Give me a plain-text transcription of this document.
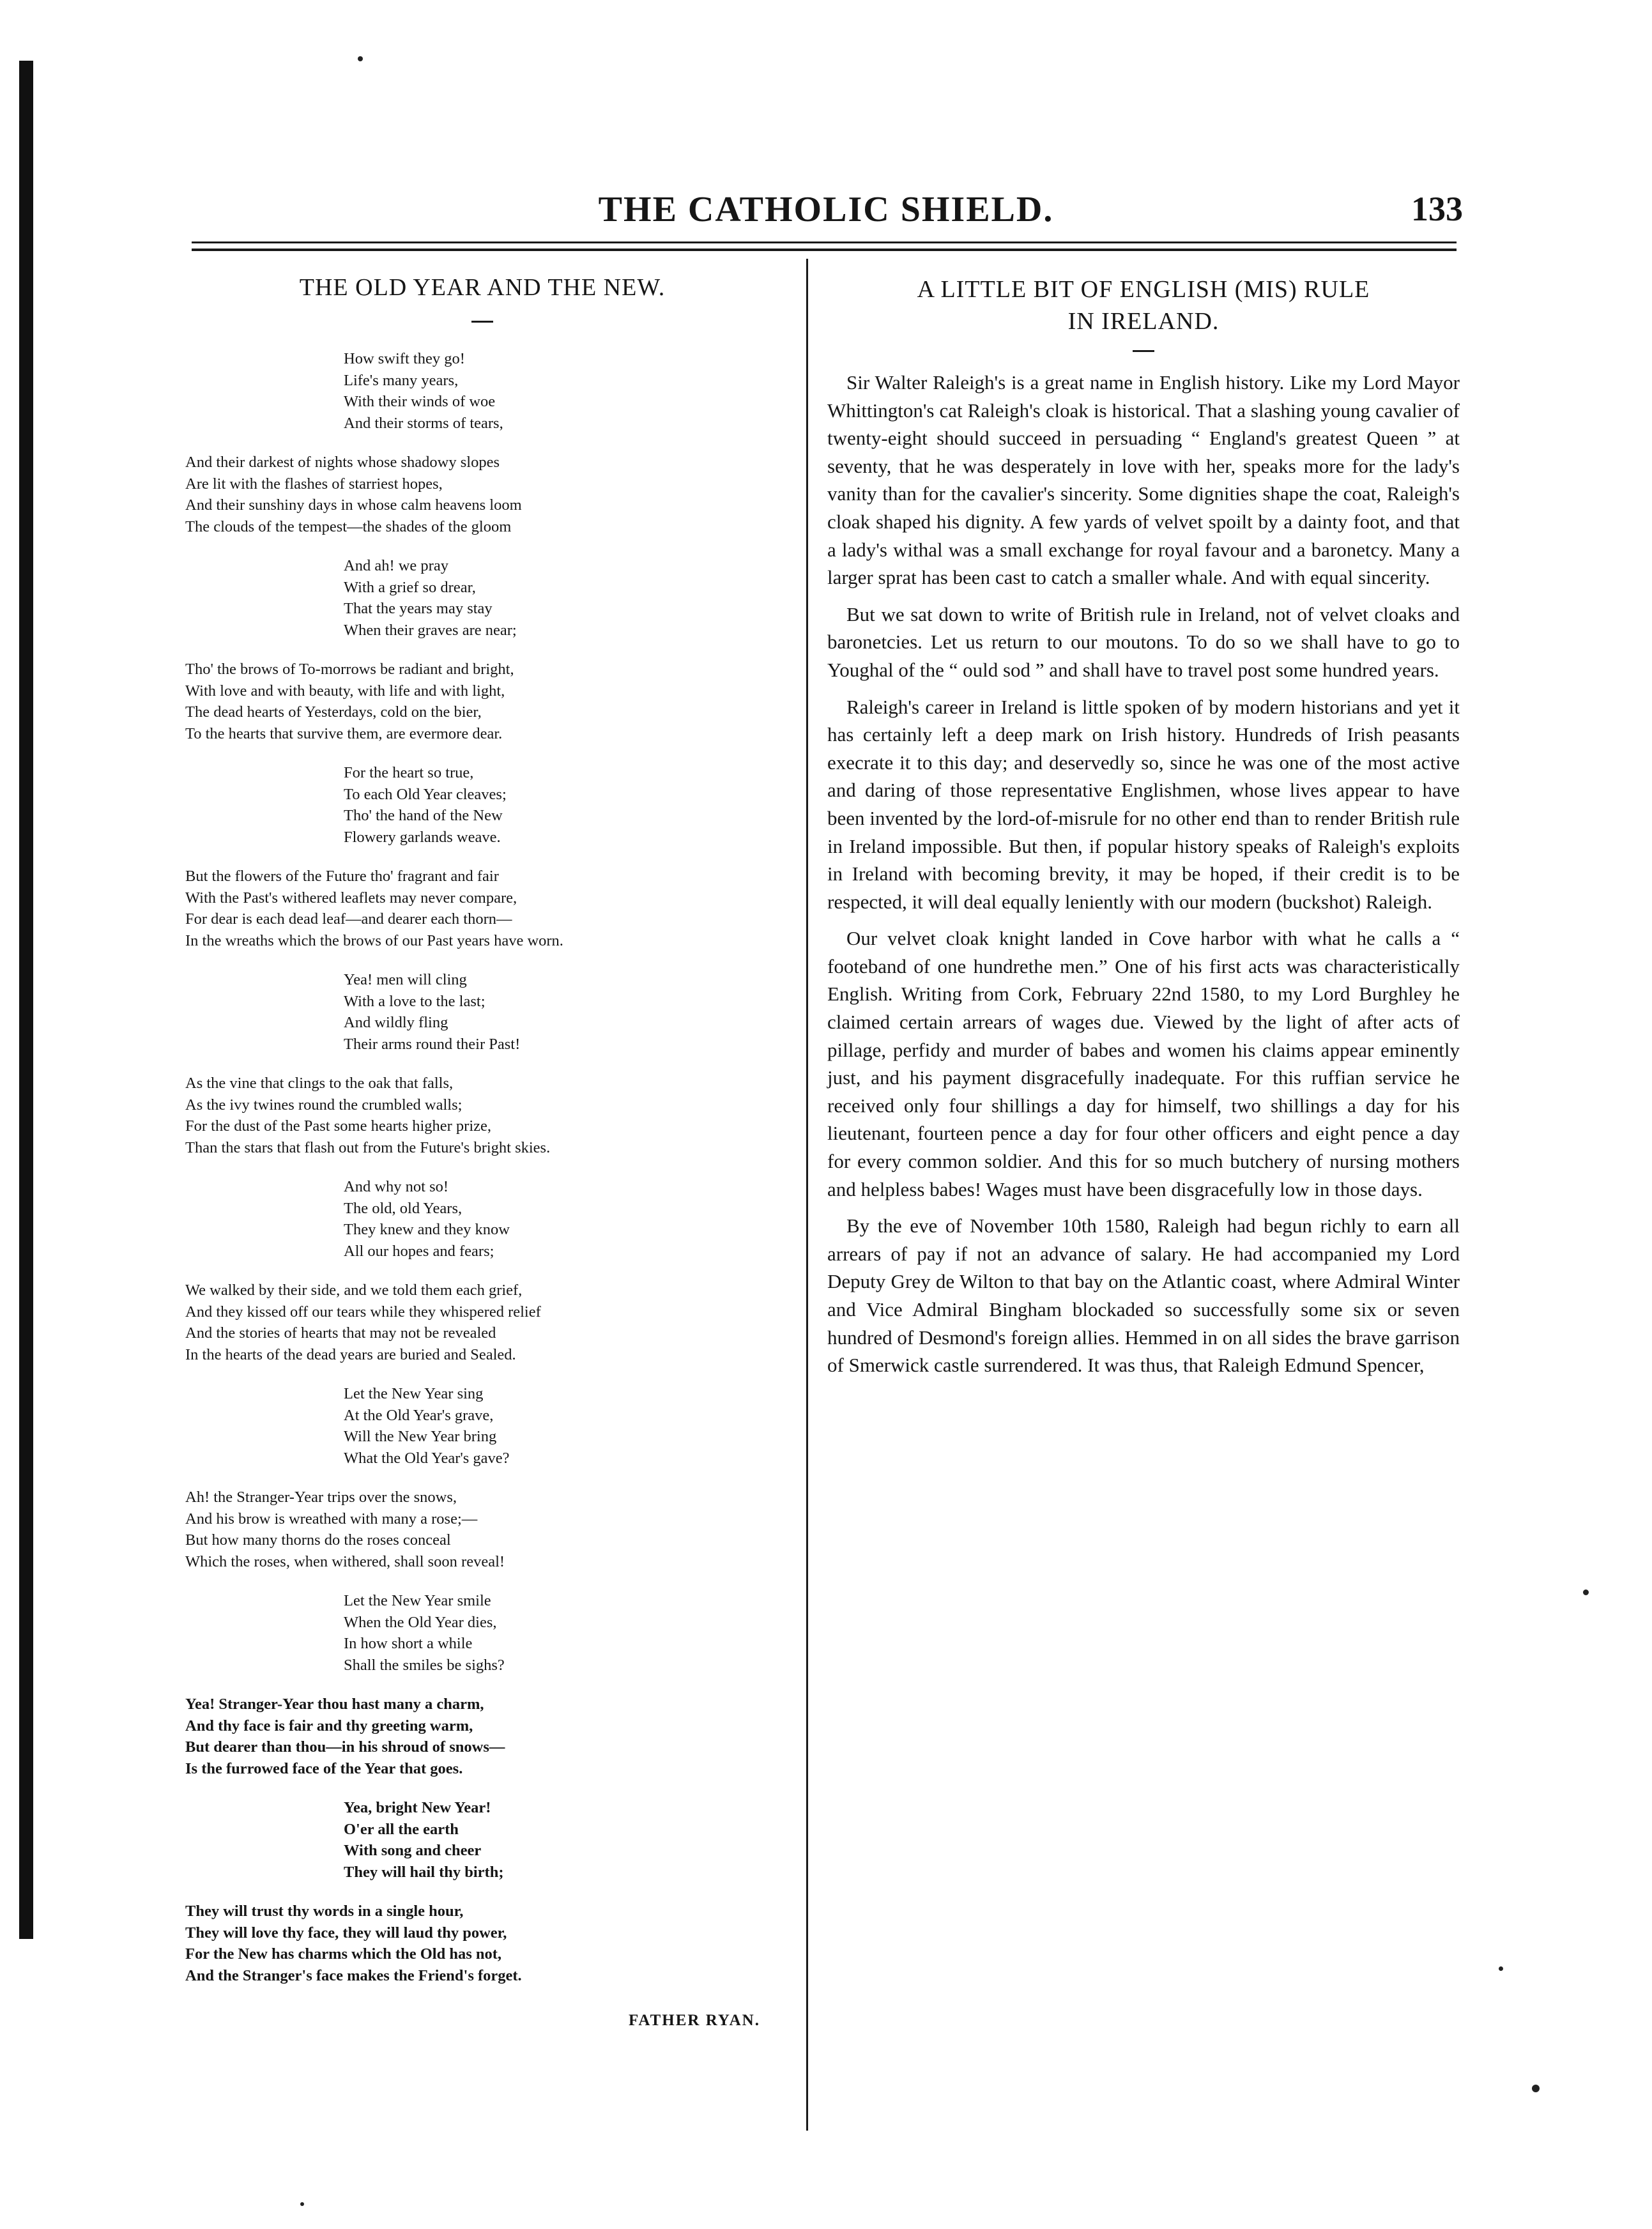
THE CATHOLIC SHIELD.	133
THE OLD YEAR AND THE NEW.
How swift they go!
Life's many years,
With their winds of woe
And their storms of tears,
And their darkest of nights whose shadowy slopes
Are lit with the flashes of starriest hopes,
And their sunshiny days in whose calm heavens loom
The clouds of the tempest—the shades of the gloom
And ah! we pray
With a grief so drear,
That the years may stay
When their graves are near;
Tho' the brows of To-morrows be radiant and bright,
With love and with beauty, with life and with light,
The dead hearts of Yesterdays, cold on the bier,
To the hearts that survive them, are evermore dear.
For the heart so true,
To each Old Year cleaves;
Tho' the hand of the New
Flowery garlands weave.
But the flowers of the Future tho' fragrant and fair
With the Past's withered leaflets may never compare,
For dear is each dead leaf—and dearer each thorn—
In the wreaths which the brows of our Past years have worn.
Yea! men will cling
With a love to the last;
And wildly fling
Their arms round their Past!
As the vine that clings to the oak that falls,
As the ivy twines round the crumbled walls;
For the dust of the Past some hearts higher prize,
Than the stars that flash out from the Future's bright skies.
And why not so!
The old, old Years,
They knew and they know
All our hopes and fears;
We walked by their side, and we told them each grief,
And they kissed off our tears while they whispered relief
And the stories of hearts that may not be revealed
In the hearts of the dead years are buried and Sealed.
Let the New Year sing
At the Old Year's grave,
Will the New Year bring
What the Old Year's gave?
Ah! the Stranger-Year trips over the snows,
And his brow is wreathed with many a rose;—
But how many thorns do the roses conceal
Which the roses, when withered, shall soon reveal!
Let the New Year smile
When the Old Year dies,
In how short a while
Shall the smiles be sighs?
Yea! Stranger-Year thou hast many a charm,
And thy face is fair and thy greeting warm,
But dearer than thou—in his shroud of snows—
Is the furrowed face of the Year that goes.
Yea, bright New Year!
O'er all the earth
With song and cheer
They will hail thy birth;
They will trust thy words in a single hour,
They will love thy face, they will laud thy power,
For the New has charms which the Old has not,
And the Stranger's face makes the Friend's forget.
FATHER RYAN.
A LITTLE BIT OF ENGLISH (MIS) RULE
IN IRELAND.

Sir Walter Raleigh's is a great name in English history. Like my Lord Mayor Whittington's cat Raleigh's cloak is historical. That a slashing young cavalier of twenty-eight should succeed in persuading “ England's greatest Queen ” at seventy, that he was desperately in love with her, speaks more for the lady's vanity than for the cavalier's sincerity. Some dignities shape the coat, Raleigh's cloak shaped his dignity. A few yards of velvet spoilt by a dainty foot, and that a lady's withal was a small exchange for royal favour and a baronetcy. Many a larger sprat has been cast to catch a smaller whale. And with equal sincerity.

But we sat down to write of British rule in Ireland, not of velvet cloaks and baronetcies. Let us return to our moutons. To do so we shall have to go to Youghal of the “ ould sod ” and shall have to travel post some hundred years.

Raleigh's career in Ireland is little spoken of by modern historians and yet it has certainly left a deep mark on Irish history. Hundreds of Irish peasants execrate it to this day; and deservedly so, since he was one of the most active and daring of those representative Englishmen, whose lives appear to have been invented by the lord-of-misrule for no other end than to render British rule in Ireland impossible. But then, if popular history speaks of Raleigh's exploits in Ireland with becoming brevity, it may be hoped, if their credit is to be respected, it will deal equally leniently with our modern (buckshot) Raleigh.

Our velvet cloak knight landed in Cove harbor with what he calls a “ footeband of one hundrethe men.” One of his first acts was characteristically English. Writing from Cork, February 22nd 1580, to my Lord Burghley he claimed certain arrears of wages due. Viewed by the light of after acts of pillage, perfidy and murder of babes and women his claims appear eminently just, and his payment disgracefully inadequate. For this ruffian service he received only four shillings a day for himself, two shillings a day for his lieutenant, fourteen pence a day for four other officers and eight pence a day for every common soldier. And this for so much butchery of nursing mothers and helpless babes! Wages must have been disgracefully low in those days.

By the eve of November 10th 1580, Raleigh had begun richly to earn all arrears of pay if not an advance of salary. He had accompanied my Lord Deputy Grey de Wilton to that bay on the Atlantic coast, where Admiral Winter and Vice Admiral Bingham blockaded so successfully some six or seven hundred of Desmond's foreign allies. Hemmed in on all sides the brave garrison of Smerwick castle surrendered. It was thus, that Raleigh Edmund Spencer,
